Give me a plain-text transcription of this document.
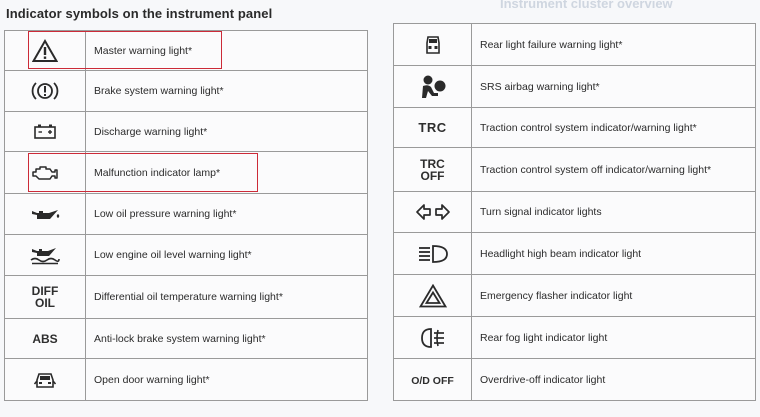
Instrument cluster overview
Indicator symbols on the instrument panel
	Master warning light*
	Brake system warning light*
	Discharge warning light*
	Malfunction indicator lamp*
	Low oil pressure warning light*
	Low engine oil level warning light*

DIFF
OIL	Differential oil temperature warning light*
ABS	Anti-lock brake system warning light*
	Open door warning light*
	Rear light failure warning light*
	SRS airbag warning light*
TRC	Traction control system indicator/warning light*

TRC
OFF	Traction control system off indicator/warning light*
	Turn signal indicator lights
	Headlight high beam indicator light
	Emergency flasher indicator light
	Rear fog light indicator light
O/D OFF	Overdrive-off indicator light
